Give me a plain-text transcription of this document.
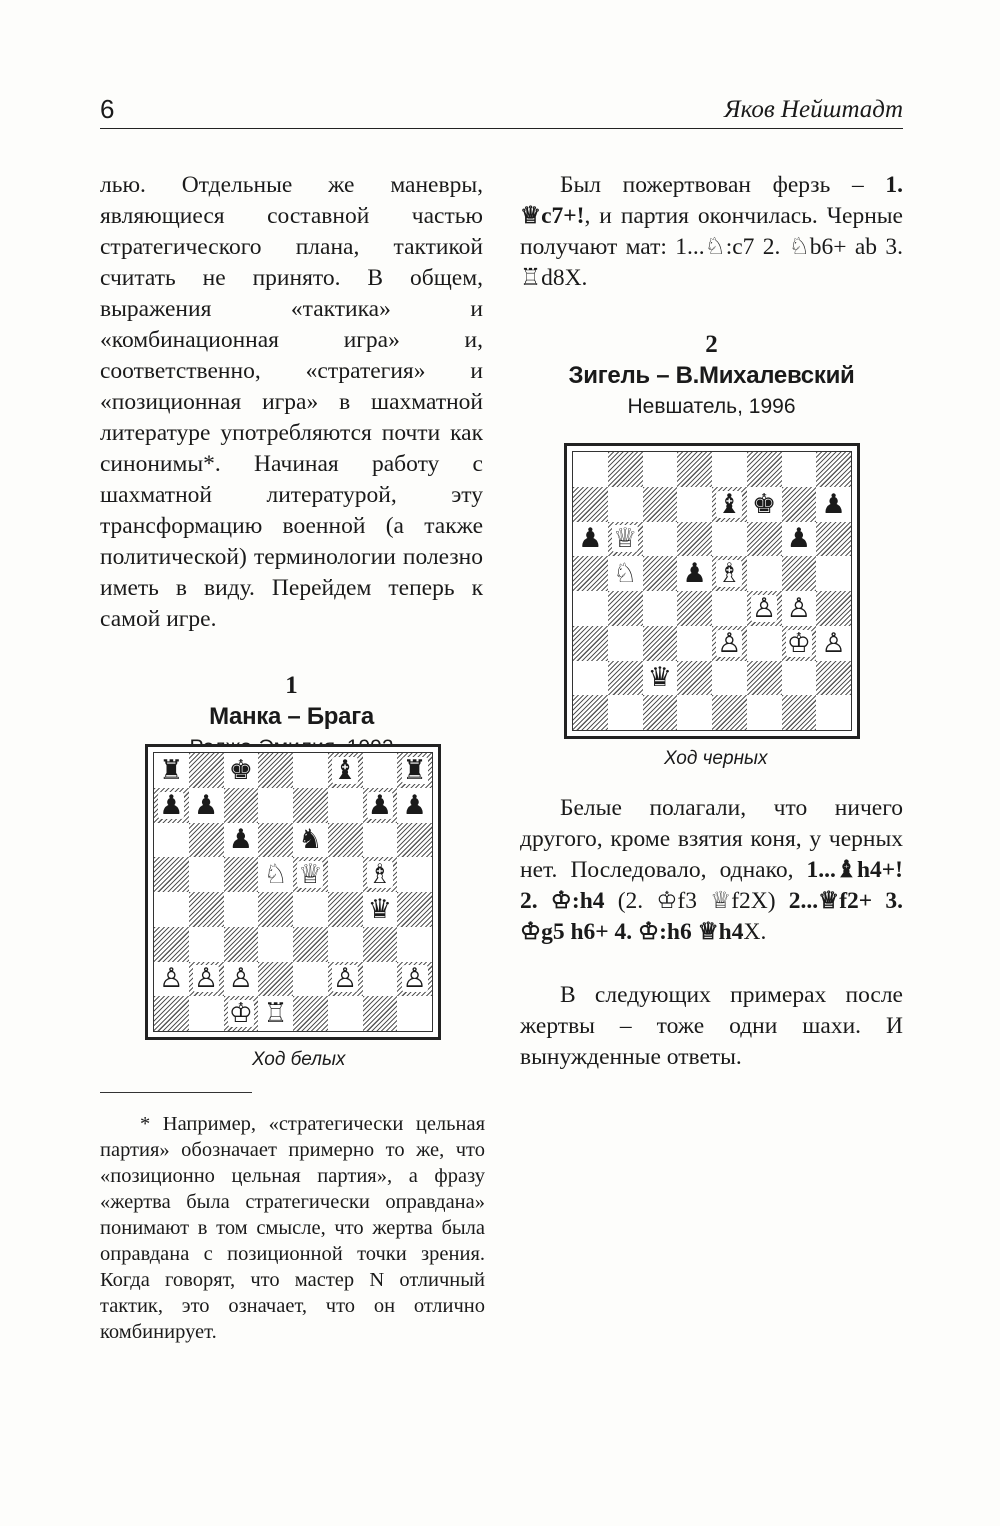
6	Яков Нейштадт

лью. Отдельные же маневры, являющиеся составной частью стратегического плана, тактикой считать не принято. В общем, выражения «тактика» и «комбинационная игра» и, соответственно, «стратегия» и «позиционная игра» в шахматной литературе употребляются почти как синонимы*. Начиная работу с шахматной литературой, эту трансформацию военной (а также политической) терминологии полезно иметь в виду. Перейдем теперь к самой игре.

1
Манка – Брага
♜ ♚	♝ ♜
♟ ♟	♟ ♟
♟ ♞
♘ ♕ ♗
♛
♙ ♙ ♙	♙ ♙
♔ ♖
Ход белых

* Например, «стратегически цельная партия» обозначает примерно то же, что «позиционно цельная партия», а фразу «жертва была стратегически оправдана» понимают в том смысле, что жертва была оправдана с позиционной точки зрения. Когда говорят, что мастер N отличный тактик, это означает, что он отлично комбинирует.

Был пожертвован ферзь – 1. ♕c7+!, и партия окончилась. Черные получают мат: 1...♘:c7 2. ♘b6+ ab 3. ♖d8X.

2
Зигель – В.Михалевский
Невшатель, 1996
♝ ♚ ♟
♟ ♕	♟
♘ ♟ ♗
♙ ♙
♙ ♔ ♙
♛
Ход черных

Белые полагали, что ничего другого, кроме взятия коня, у черных нет. Последовало, однако, 1...♝h4+! 2. ♔:h4 (2. ♔f3 ♕f2X) 2...♕f2+ 3. ♔g5 h6+ 4. ♔:h6 ♕h4X.

В следующих примерах после жертвы – тоже одни шахи. И вынужденные ответы.
